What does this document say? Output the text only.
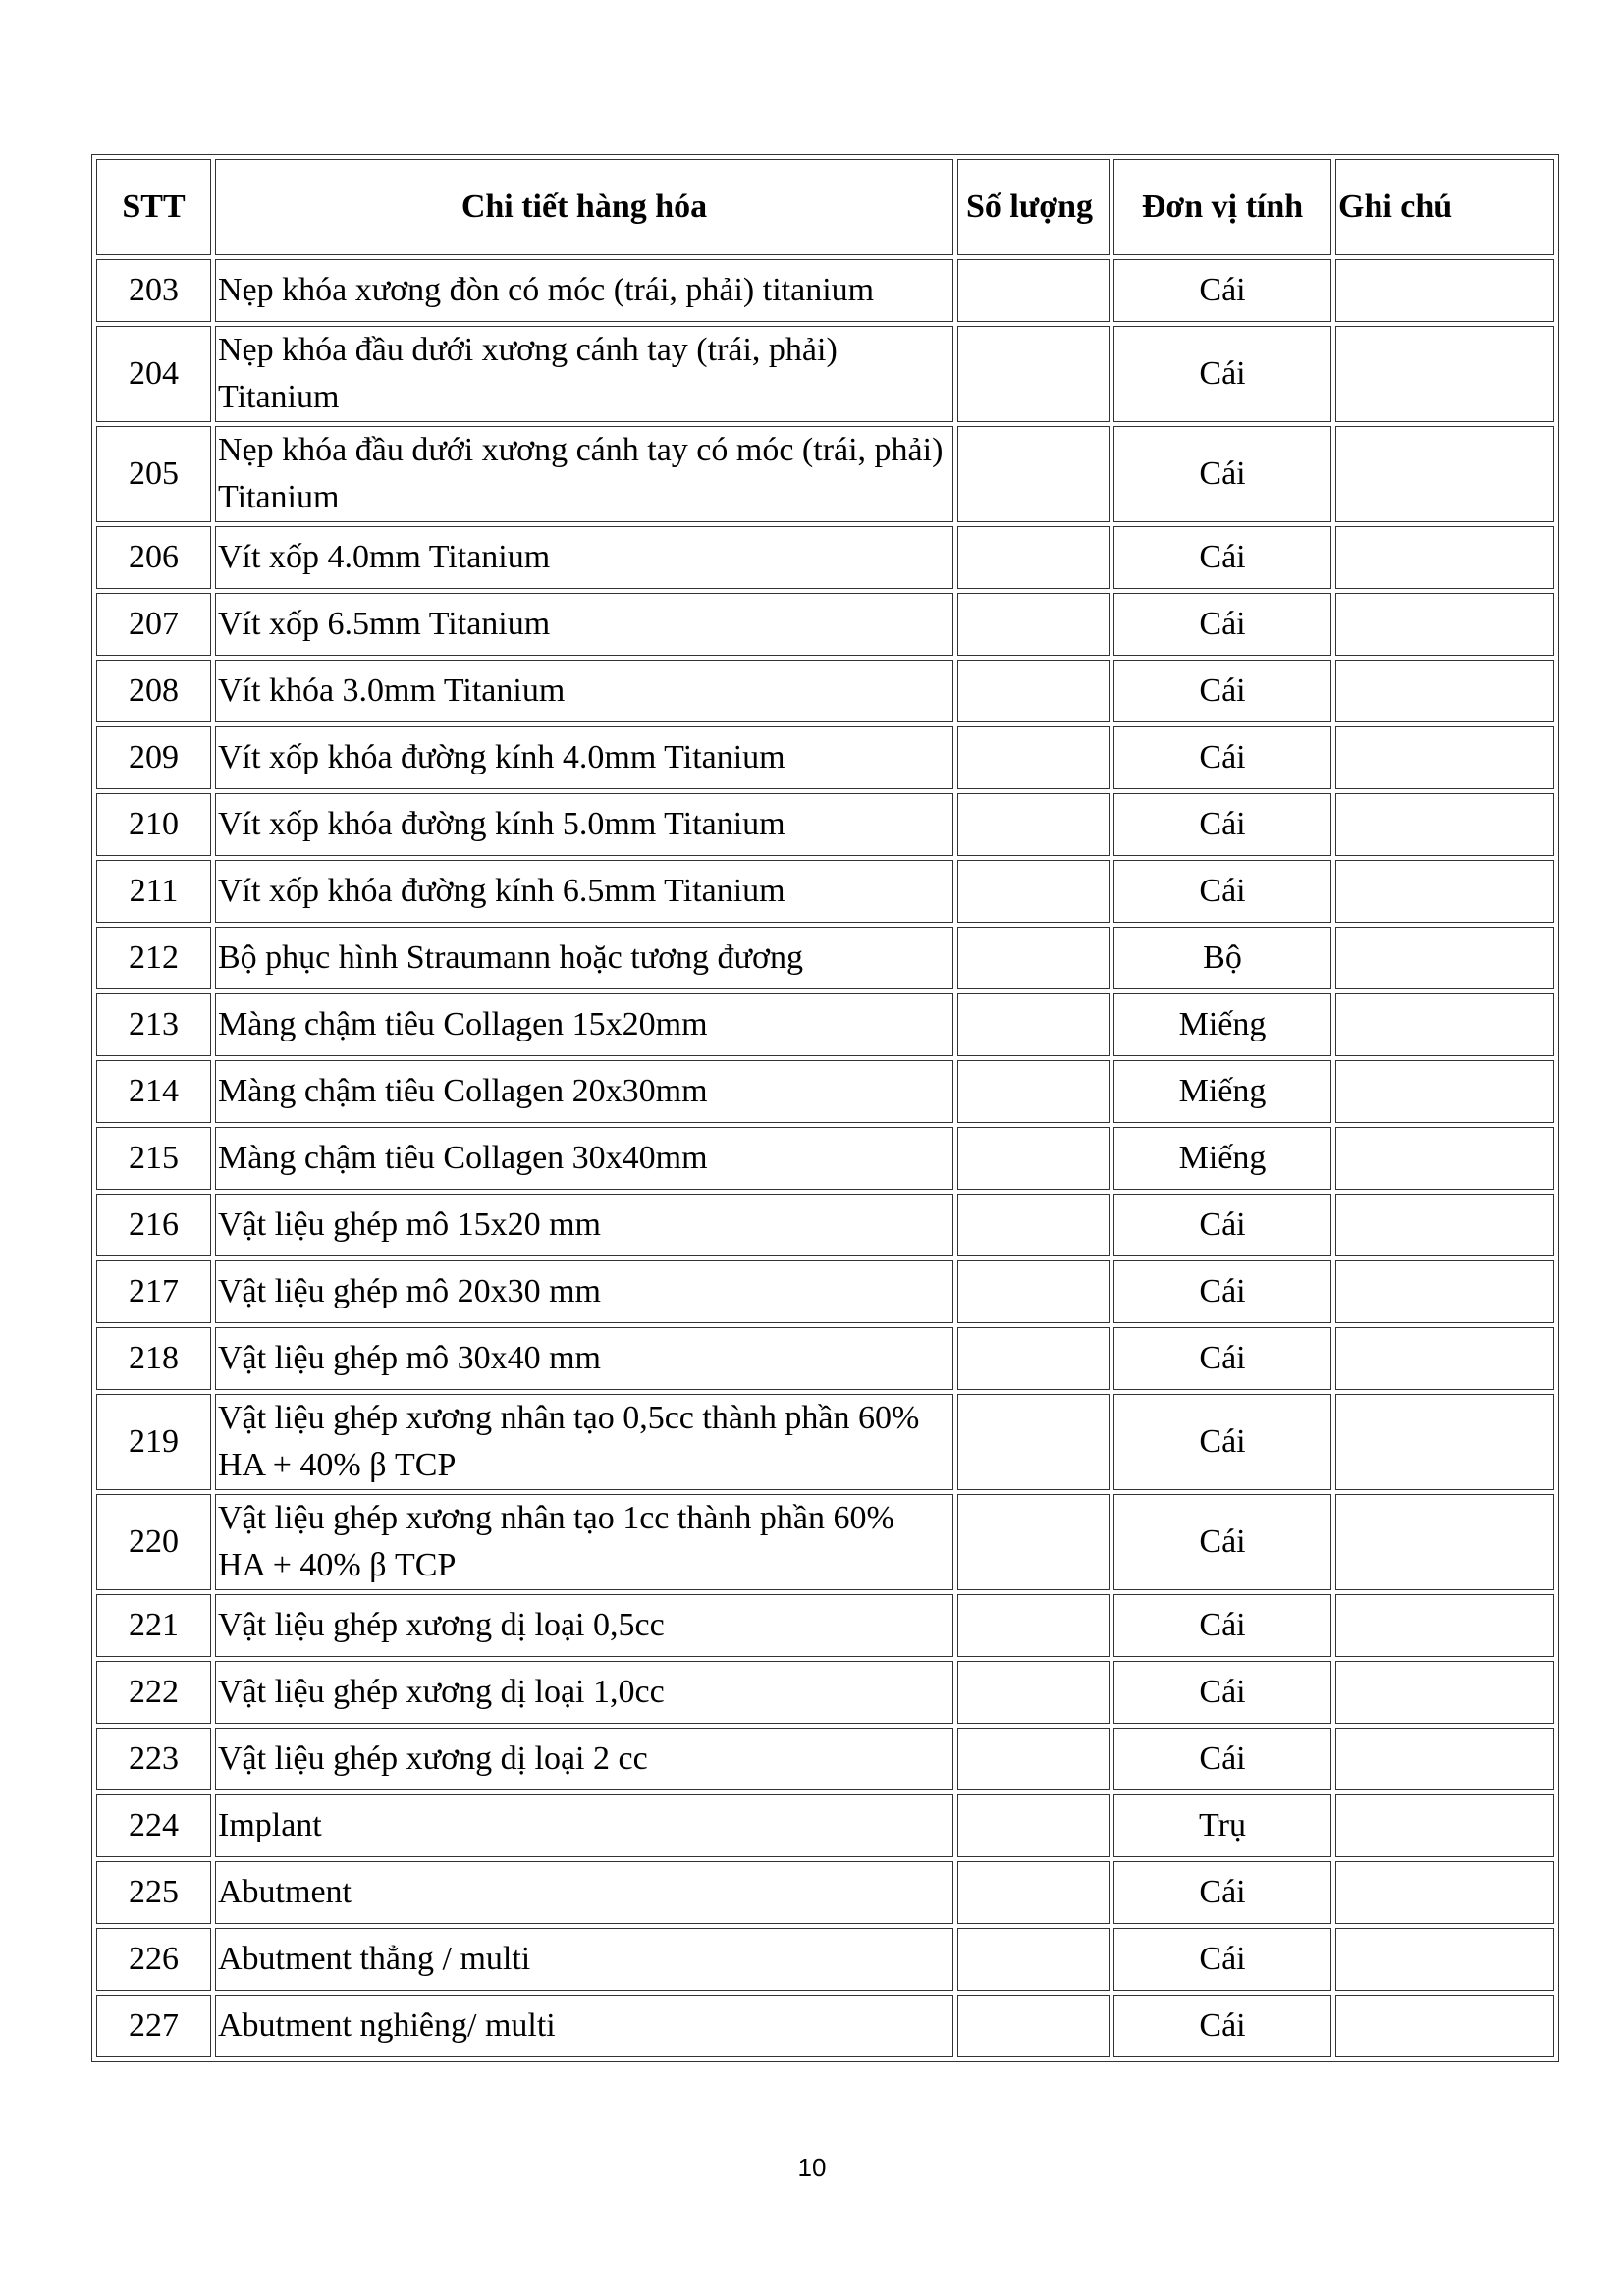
STT	Chi tiết hàng hóa	Số lượng	Đơn vị tính	Ghi chú
203	Nẹp khóa xương đòn có móc (trái, phải) titanium		Cái	
204	Nẹp khóa đầu dưới xương cánh tay (trái, phải) Titanium		Cái	
205	Nẹp khóa đầu dưới xương cánh tay có móc (trái, phải) Titanium		Cái	
206	Vít xốp 4.0mm Titanium		Cái	
207	Vít xốp 6.5mm Titanium		Cái	
208	Vít khóa 3.0mm Titanium		Cái	
209	Vít xốp khóa đường kính 4.0mm Titanium		Cái	
210	Vít xốp khóa đường kính 5.0mm Titanium		Cái	
211	Vít xốp khóa đường kính 6.5mm Titanium		Cái	
212	Bộ phục hình Straumann hoặc tương đương		Bộ	
213	Màng chậm tiêu Collagen 15x20mm		Miếng	
214	Màng chậm tiêu Collagen 20x30mm		Miếng	
215	Màng chậm tiêu Collagen 30x40mm		Miếng	
216	Vật liệu ghép mô 15x20 mm		Cái	
217	Vật liệu ghép mô 20x30 mm		Cái	
218	Vật liệu ghép mô 30x40 mm		Cái	
219	Vật liệu ghép xương nhân tạo 0,5cc thành phần 60% HA + 40% β TCP		Cái	
220	Vật liệu ghép xương nhân tạo 1cc thành phần 60% HA + 40% β TCP		Cái	
221	Vật liệu ghép xương dị loại 0,5cc		Cái	
222	Vật liệu ghép xương dị loại 1,0cc		Cái	
223	Vật liệu ghép xương dị loại 2 cc		Cái	
224	Implant		Trụ	
225	Abutment		Cái	
226	Abutment thẳng / multi		Cái	
227	Abutment nghiêng/ multi		Cái	
10
